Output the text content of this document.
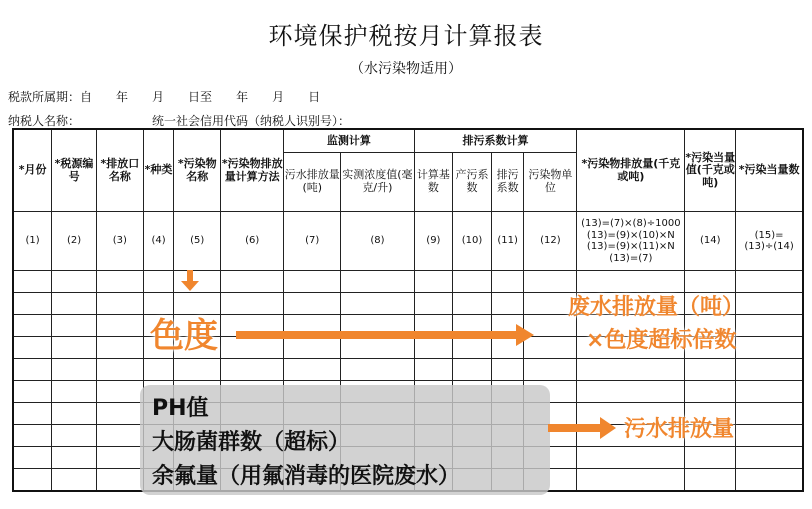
环境保护税按月计算报表
（水污染物适用）
税款所属期：自 年 月 日至 年 月 日
纳税人名称：	统一社会信用代码（纳税人识别号）：
*月份	*税源编号	*排放口名称	*种类	*污染物名称	*污染物排放量计算方法	监测计算		排污系数计算				*污染物排放量(千克或吨)	*污染当量值(千克或吨)	*污染当量数
						污水排放量(吨)	实测浓度值(毫克/升)	计算基数	产污系数	排污系数	污染物单位			
(1)	(2)	(3)	(4)	(5)	(6)	(7)	(8)	(9)	(10)	(11)	(12)	(13)=(7)×(8)÷1000
(13)=(9)×(10)×N
(13)=(9)×(11)×N
(13)=(7)	(14)	(15)=(13)÷(14)

色度
废水排放量（吨）
×色度超标倍数
PH值
大肠菌群数（超标）
余氟量（用氟消毒的医院废水）
污水排放量
